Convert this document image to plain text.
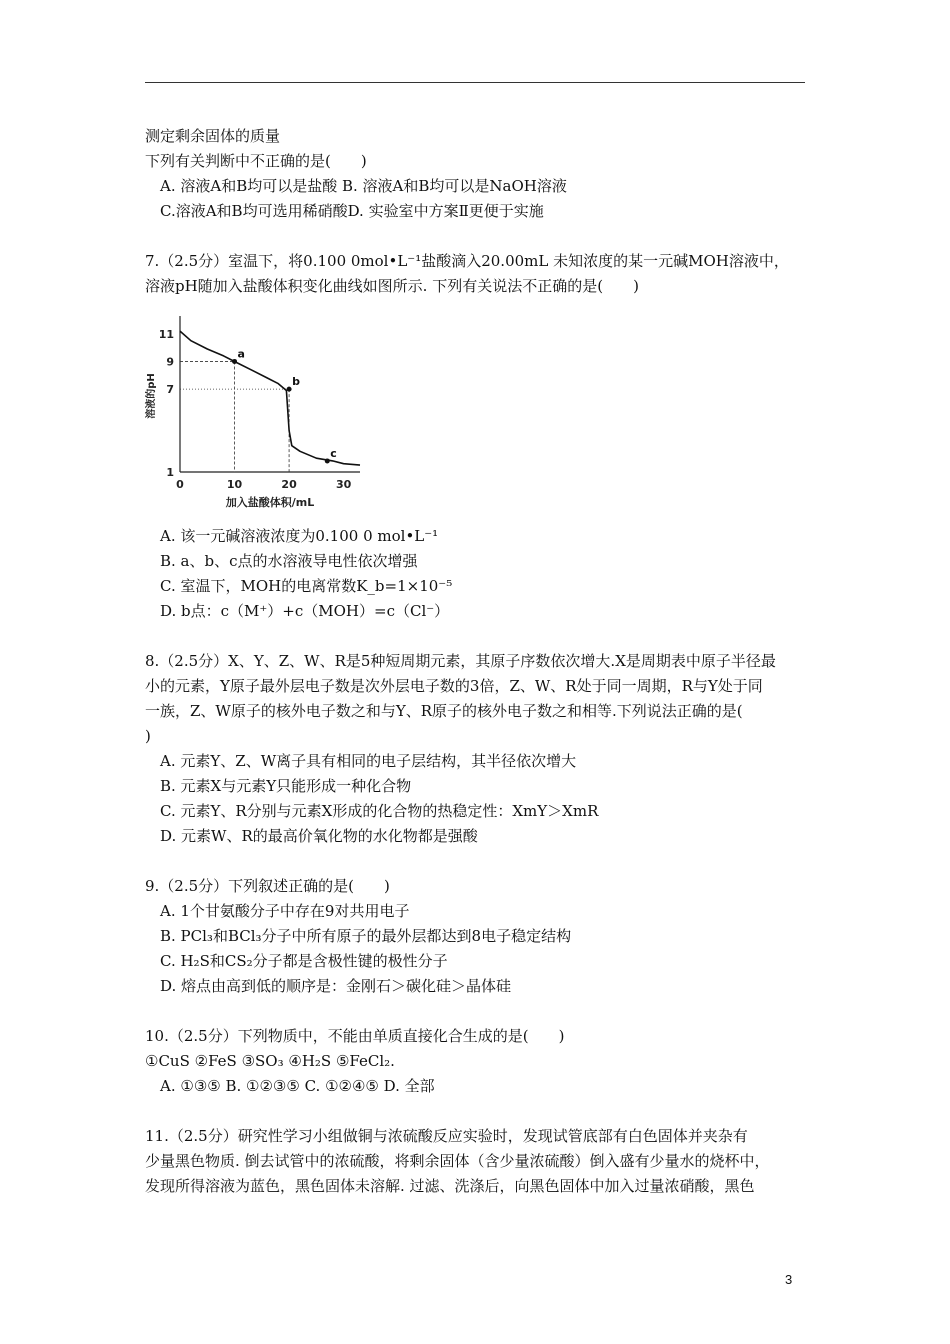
测定剩余固体的质量
下列有关判断中不正确的是(　　)
A. 溶液A和B均可以是盐酸 B. 溶液A和B均可以是NaOH溶液
C.溶液A和B均可选用稀硝酸D. 实验室中方案Ⅱ更便于实施
7.（2.5分）室温下，将0.100 0mol•L⁻¹盐酸滴入20.00mL 未知浓度的某一元碱MOH溶液中，
溶液pH随加入盐酸体积变化曲线如图所示. 下列有关说法不正确的是(　　)
A. 该一元碱溶液浓度为0.100 0 mol•L⁻¹
B. a、b、c点的水溶液导电性依次增强
C. 室温下，MOH的电离常数K_b=1×10⁻⁵
D. b点：c（M⁺）+c（MOH）=c（Cl⁻）
8.（2.5分）X、Y、Z、W、R是5种短周期元素，其原子序数依次增大.X是周期表中原子半径最
小的元素，Y原子最外层电子数是次外层电子数的3倍，Z、W、R处于同一周期，R与Y处于同
一族，Z、W原子的核外电子数之和与Y、R原子的核外电子数之和相等.下列说法正确的是(
)
A. 元素Y、Z、W离子具有相同的电子层结构，其半径依次增大
B. 元素X与元素Y只能形成一种化合物
C. 元素Y、R分别与元素X形成的化合物的热稳定性：XmY＞XmR
D. 元素W、R的最高价氧化物的水化物都是强酸
9.（2.5分）下列叙述正确的是(　　)
A. 1个甘氨酸分子中存在9对共用电子
B. PCl₃和BCl₃分子中所有原子的最外层都达到8电子稳定结构
C. H₂S和CS₂分子都是含极性键的极性分子
D. 熔点由高到低的顺序是：金刚石＞碳化硅＞晶体硅
10.（2.5分）下列物质中，不能由单质直接化合生成的是(　　)
①CuS ②FeS ③SO₃ ④H₂S ⑤FeCl₂.
A. ①③⑤ B. ①②③⑤ C. ①②④⑤ D. 全部
11.（2.5分）研究性学习小组做铜与浓硫酸反应实验时，发现试管底部有白色固体并夹杂有
少量黑色物质. 倒去试管中的浓硫酸，将剩余固体（含少量浓硫酸）倒入盛有少量水的烧杯中，
发现所得溶液为蓝色，黑色固体未溶解. 过滤、洗涤后，向黑色固体中加入过量浓硝酸，黑色
a
b
c
0	10	20	30
1
7
9
11
加入盐酸体积/mL
溶液的pH
3
